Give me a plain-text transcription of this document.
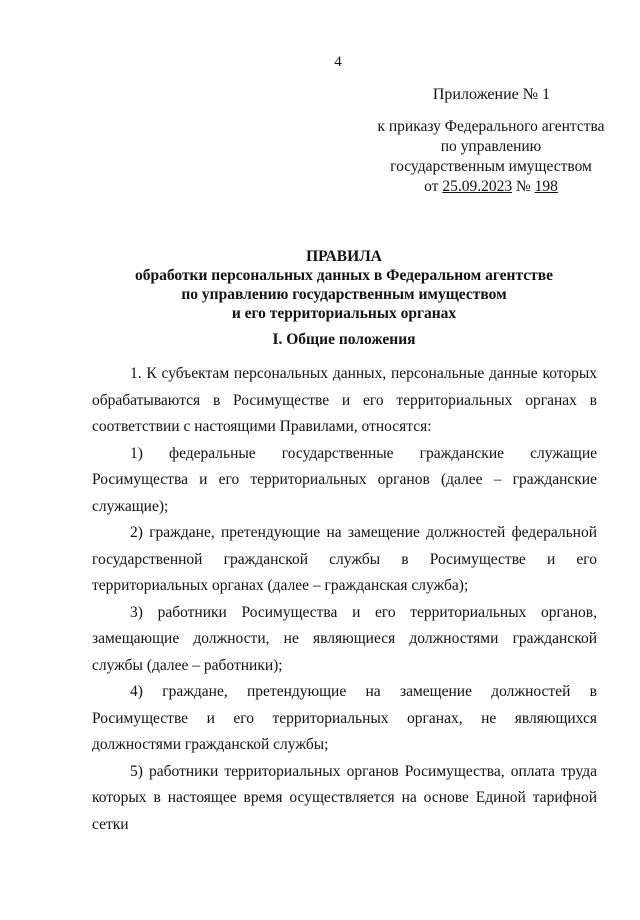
4
Приложение № 1
к приказу Федерального агентства
по управлению
государственным имуществом
от 25.09.2023 № 198
ПРАВИЛА
обработки персональных данных в Федеральном агентстве
по управлению государственным имуществом
и его территориальных органах
I. Общие положения

1. К субъектам персональных данных, персональные данные которых обрабатываются в Росимуществе и его территориальных органах в соответствии с настоящими Правилами, относятся:

1) федеральные государственные гражданские служащие Росимущества и его территориальных органов (далее – гражданские служащие);

2) граждане, претендующие на замещение должностей федеральной государственной гражданской службы в Росимуществе и его территориальных органах (далее – гражданская служба);

3) работники Росимущества и его территориальных органов, замещающие должности, не являющиеся должностями гражданской службы (далее – работники);

4) граждане, претендующие на замещение должностей в Росимуществе и его территориальных органах, не являющихся должностями гражданской службы;

5) работники территориальных органов Росимущества, оплата труда которых в настоящее время осуществляется на основе Единой тарифной сетки
